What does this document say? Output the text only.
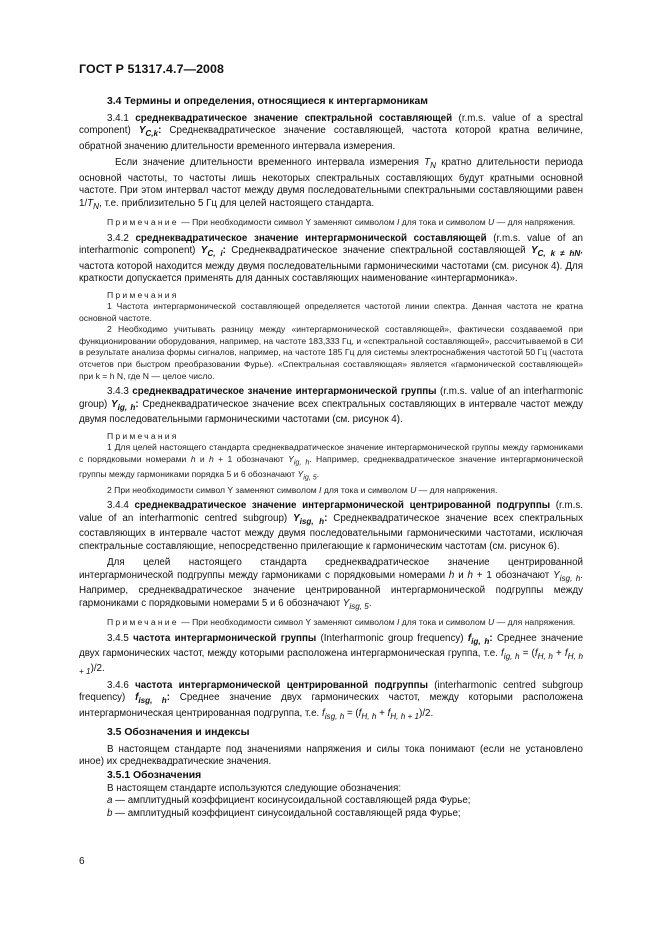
ГОСТ Р 51317.4.7—2008
3.4 Термины и определения, относящиеся к интергармоникам

3.4.1 среднеквадратическое значение спектральной составляющей (r.m.s. value of a spectral component) $Y_{C,k}$: Среднеквадратическое значение составляющей, частота которой кратна величине, обратной значению длительности временного интервала измерения.

Если значение длительности временного интервала измерения $T_N$ кратно длительности периода основной частоты, то частоты лишь некоторых спектральных составляющих будут кратными основной частоте. При этом интервал частот между двумя последовательными спектральными составляющими равен $1/T_N$, т.е. приблизительно 5 Гц для целей настоящего стандарта.

Примечание — При необходимости символ Y заменяют символом I для тока и символом U — для напряжения.

3.4.2 среднеквадратическое значение интергармонической составляющей (r.m.s. value of an interharmonic component) $Y_{C, i}$: Среднеквадратическое значение спектральной составляющей $Y_{C, k \ne hN}$, частота которой находится между двумя последовательными гармоническими частотами (см. рисунок 4). Для краткости допускается применять для данных составляющих наименование «интергармоника».

Примечания

1 Частота интергармонической составляющей определяется частотой линии спектра. Данная частота не кратна основной частоте.

2 Необходимо учитывать разницу между «интергармонической составляющей», фактически создаваемой при функционировании оборудования, например, на частоте 183,333 Гц, и «спектральной составляющей», рассчитываемой в СИ в результате анализа формы сигналов, например, на частоте 185 Гц для системы электроснабжения частотой 50 Гц (частота отсчетов при быстром преобразовании Фурье). «Спектральная составляющая» является «гармонической составляющей» при k = h N, где N — целое число.

3.4.3 среднеквадратическое значение интергармонической группы (r.m.s. value of an interharmonic group) $Y_{ig, h}$: Среднеквадратическое значение всех спектральных составляющих в интервале частот между двумя последовательными гармоническими частотами (см. рисунок 4).

Примечания

1 Для целей настоящего стандарта среднеквадратическое значение интергармонической группы между гармониками с порядковыми номерами h и h + 1 обозначают $Y_{ig, h}$. Например, среднеквадратическое значение интергармонической группы между гармониками порядка 5 и 6 обозначают $Y_{ig, 5}$.

2 При необходимости символ Y заменяют символом I для тока и символом U — для напряжения.

3.4.4 среднеквадратическое значение интергармонической центрированной подгруппы (r.m.s. value of an interharmonic centred subgroup) $Y_{isg, h}$: Среднеквадратическое значение всех спектральных составляющих в интервале частот между двумя последовательными гармоническими частотами, исключая спектральные составляющие, непосредственно прилегающие к гармоническим частотам (см. рисунок 6).

Для целей настоящего стандарта среднеквадратическое значение центрированной интергармонической подгруппы между гармониками с порядковыми номерами h и h + 1 обозначают $Y_{isg, h}$. Например, среднеквадратическое значение центрированной интергармонической подгруппы между гармониками с порядковыми номерами 5 и 6 обозначают $Y_{isg, 5}$.

Примечание — При необходимости символ Y заменяют символом I для тока и символом U — для напряжения.

3.4.5 частота интергармонической группы (Interharmonic group frequency) $f_{ig, h}$: Среднее значение двух гармонических частот, между которыми расположена интергармоническая группа, т.е. $f_{ig, h} = (f_{H, h} + f_{H, h + 1})/2$.

3.4.6 частота интергармонической центрированной подгруппы (interharmonic centred subgroup frequency) $f_{isg, h}$: Среднее значение двух гармонических частот, между которыми расположена интергармоническая центрированная подгруппа, т.е. $f_{isg, h} = (f_{H, h} + f_{H, h + 1})/2$.

3.5 Обозначения и индексы

В настоящем стандарте под значениями напряжения и силы тока понимают (если не установлено иное) их среднеквадратические значения.

3.5.1 Обозначения

В настоящем стандарте используются следующие обозначения:

a — амплитудный коэффициент косинусоидальной составляющей ряда Фурье;

b — амплитудный коэффициент синусоидальной составляющей ряда Фурье;

6
